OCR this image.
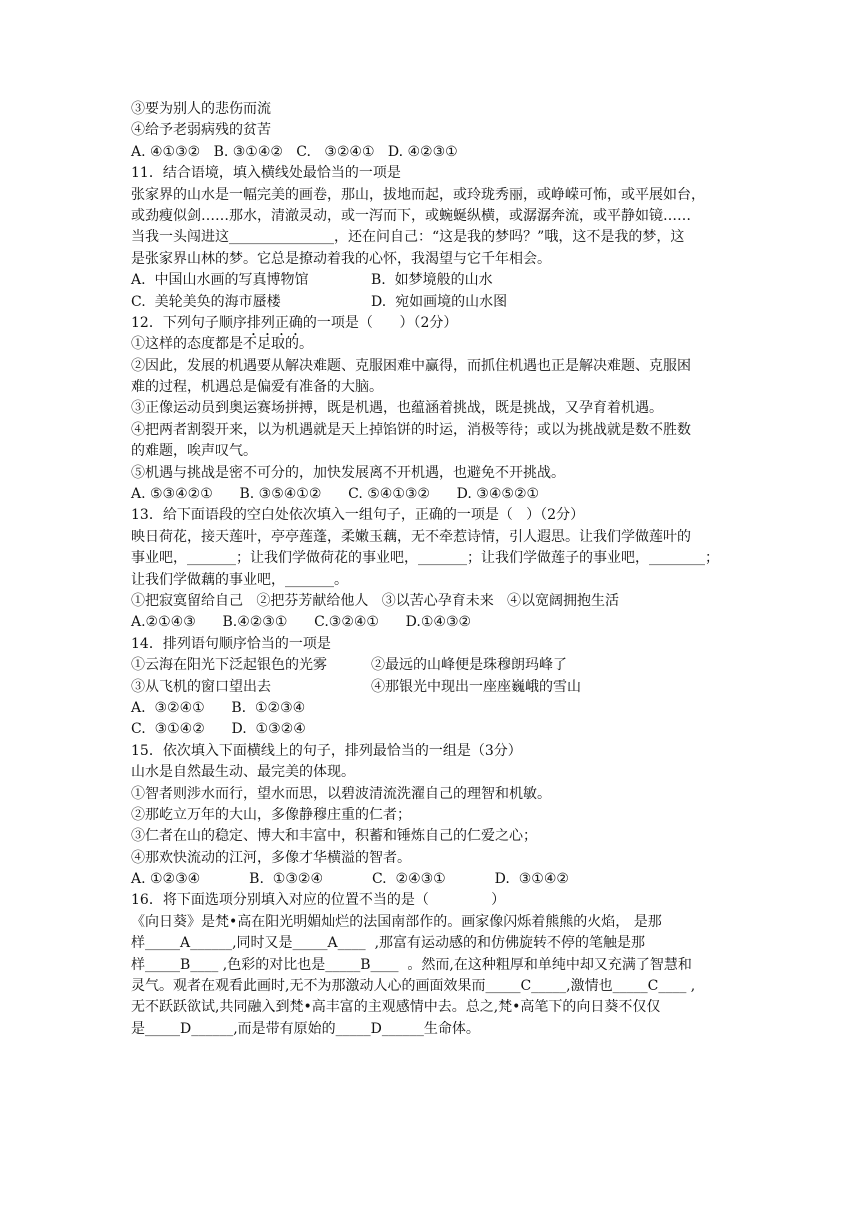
③要为别人的悲伤而流
④给予老弱病残的贫苦
A. ④①③②   B. ③①④②   C.   ③②④①   D. ④②③①
11．结合语境，填入横线处最恰当的一项是
张家界的山水是一幅完美的画卷，那山，拔地而起，或玲珑秀丽，或峥嵘可怖，或平展如台，
或劲瘦似剑……那水，清澈灵动，或一泻而下，或蜿蜒纵横，或潺潺奔流，或平静如镜……
当我一头闯进这_______________，还在问自己：“这是我的梦吗？”哦，这不是我的梦，这
是张家界山林的梦。它总是撩动着我的心怀，我渴望与它千年相会。
A.  中国山水画的写真博物馆	B.  如梦境般的山水
C.  美轮美奂的海市蜃楼	D.  宛如画境的山水图
12．下列句子顺序排列正确的一项是（      ）（2分）
①这样的态度都是不足取的。
②因此，发展的机遇要从解决难题、克服困难中赢得，而抓住机遇也正是解决难题、克服困
难的过程，机遇总是偏爱有准备的大脑。
③正像运动员到奥运赛场拼搏，既是机遇，也蕴涵着挑战，既是挑战，又孕育着机遇。
④把两者割裂开来，以为机遇就是天上掉馅饼的时运，消极等待；或以为挑战就是数不胜数
的难题，唉声叹气。
⑤机遇与挑战是密不可分的，加快发展离不开机遇，也避免不开挑战。
A. ⑤③④②①      B. ③⑤④①②      C. ⑤④①③②      D. ③④⑤②①
13．给下面语段的空白处依次填入一组句子，正确的一项是（   ）（2分）
映日荷花，接天莲叶，亭亭莲蓬，柔嫩玉藕，无不牵惹诗情，引人遐思。让我们学做莲叶的
事业吧，_______；让我们学做荷花的事业吧，_______；让我们学做莲子的事业吧，________；
让我们学做藕的事业吧，_______。
①把寂寞留给自己   ②把芬芳献给他人   ③以苦心孕育未来   ④以宽阔拥抱生活
A.②①④③      B.④②③①      C.③②④①      D.①④③②
14．排列语句顺序恰当的一项是
①云海在阳光下泛起银色的光雾	②最远的山峰便是珠穆朗玛峰了
③从飞机的窗口望出去	④那银光中现出一座座巍峨的雪山
A.  ③②④①      B.  ①②③④
C.  ③①④②      D.  ①③②④
15．依次填入下面横线上的句子，排列最恰当的一组是（3分）
山水是自然最生动、最完美的体现。
①智者则涉水而行，望水而思，以碧波清流洗濯自己的理智和机敏。
②那屹立万年的大山，多像静穆庄重的仁者；
③仁者在山的稳定、博大和丰富中，积蓄和锤炼自己的仁爱之心；
④那欢快流动的江河，多像才华横溢的智者。
A. ①②③④           B.  ①③②④           C.  ②④③①           D.  ③①④②
16．将下面选项分别填入对应的位置不当的是（              ）
《向日葵》是梵•高在阳光明媚灿烂的法国南部作的。画家像闪烁着熊熊的火焰， 是那
样_____A______,同时又是_____A____  ,那富有运动感的和仿佛旋转不停的笔触是那
样_____B____ ,色彩的对比也是_____B____  。然而,在这种粗厚和单纯中却又充满了智慧和
灵气。观者在观看此画时,无不为那激动人心的画面效果而_____C_____,激情也_____C____ ,
无不跃跃欲试,共同融入到梵•高丰富的主观感情中去。总之,梵•高笔下的向日葵不仅仅
是_____D______,而是带有原始的_____D______生命体。
